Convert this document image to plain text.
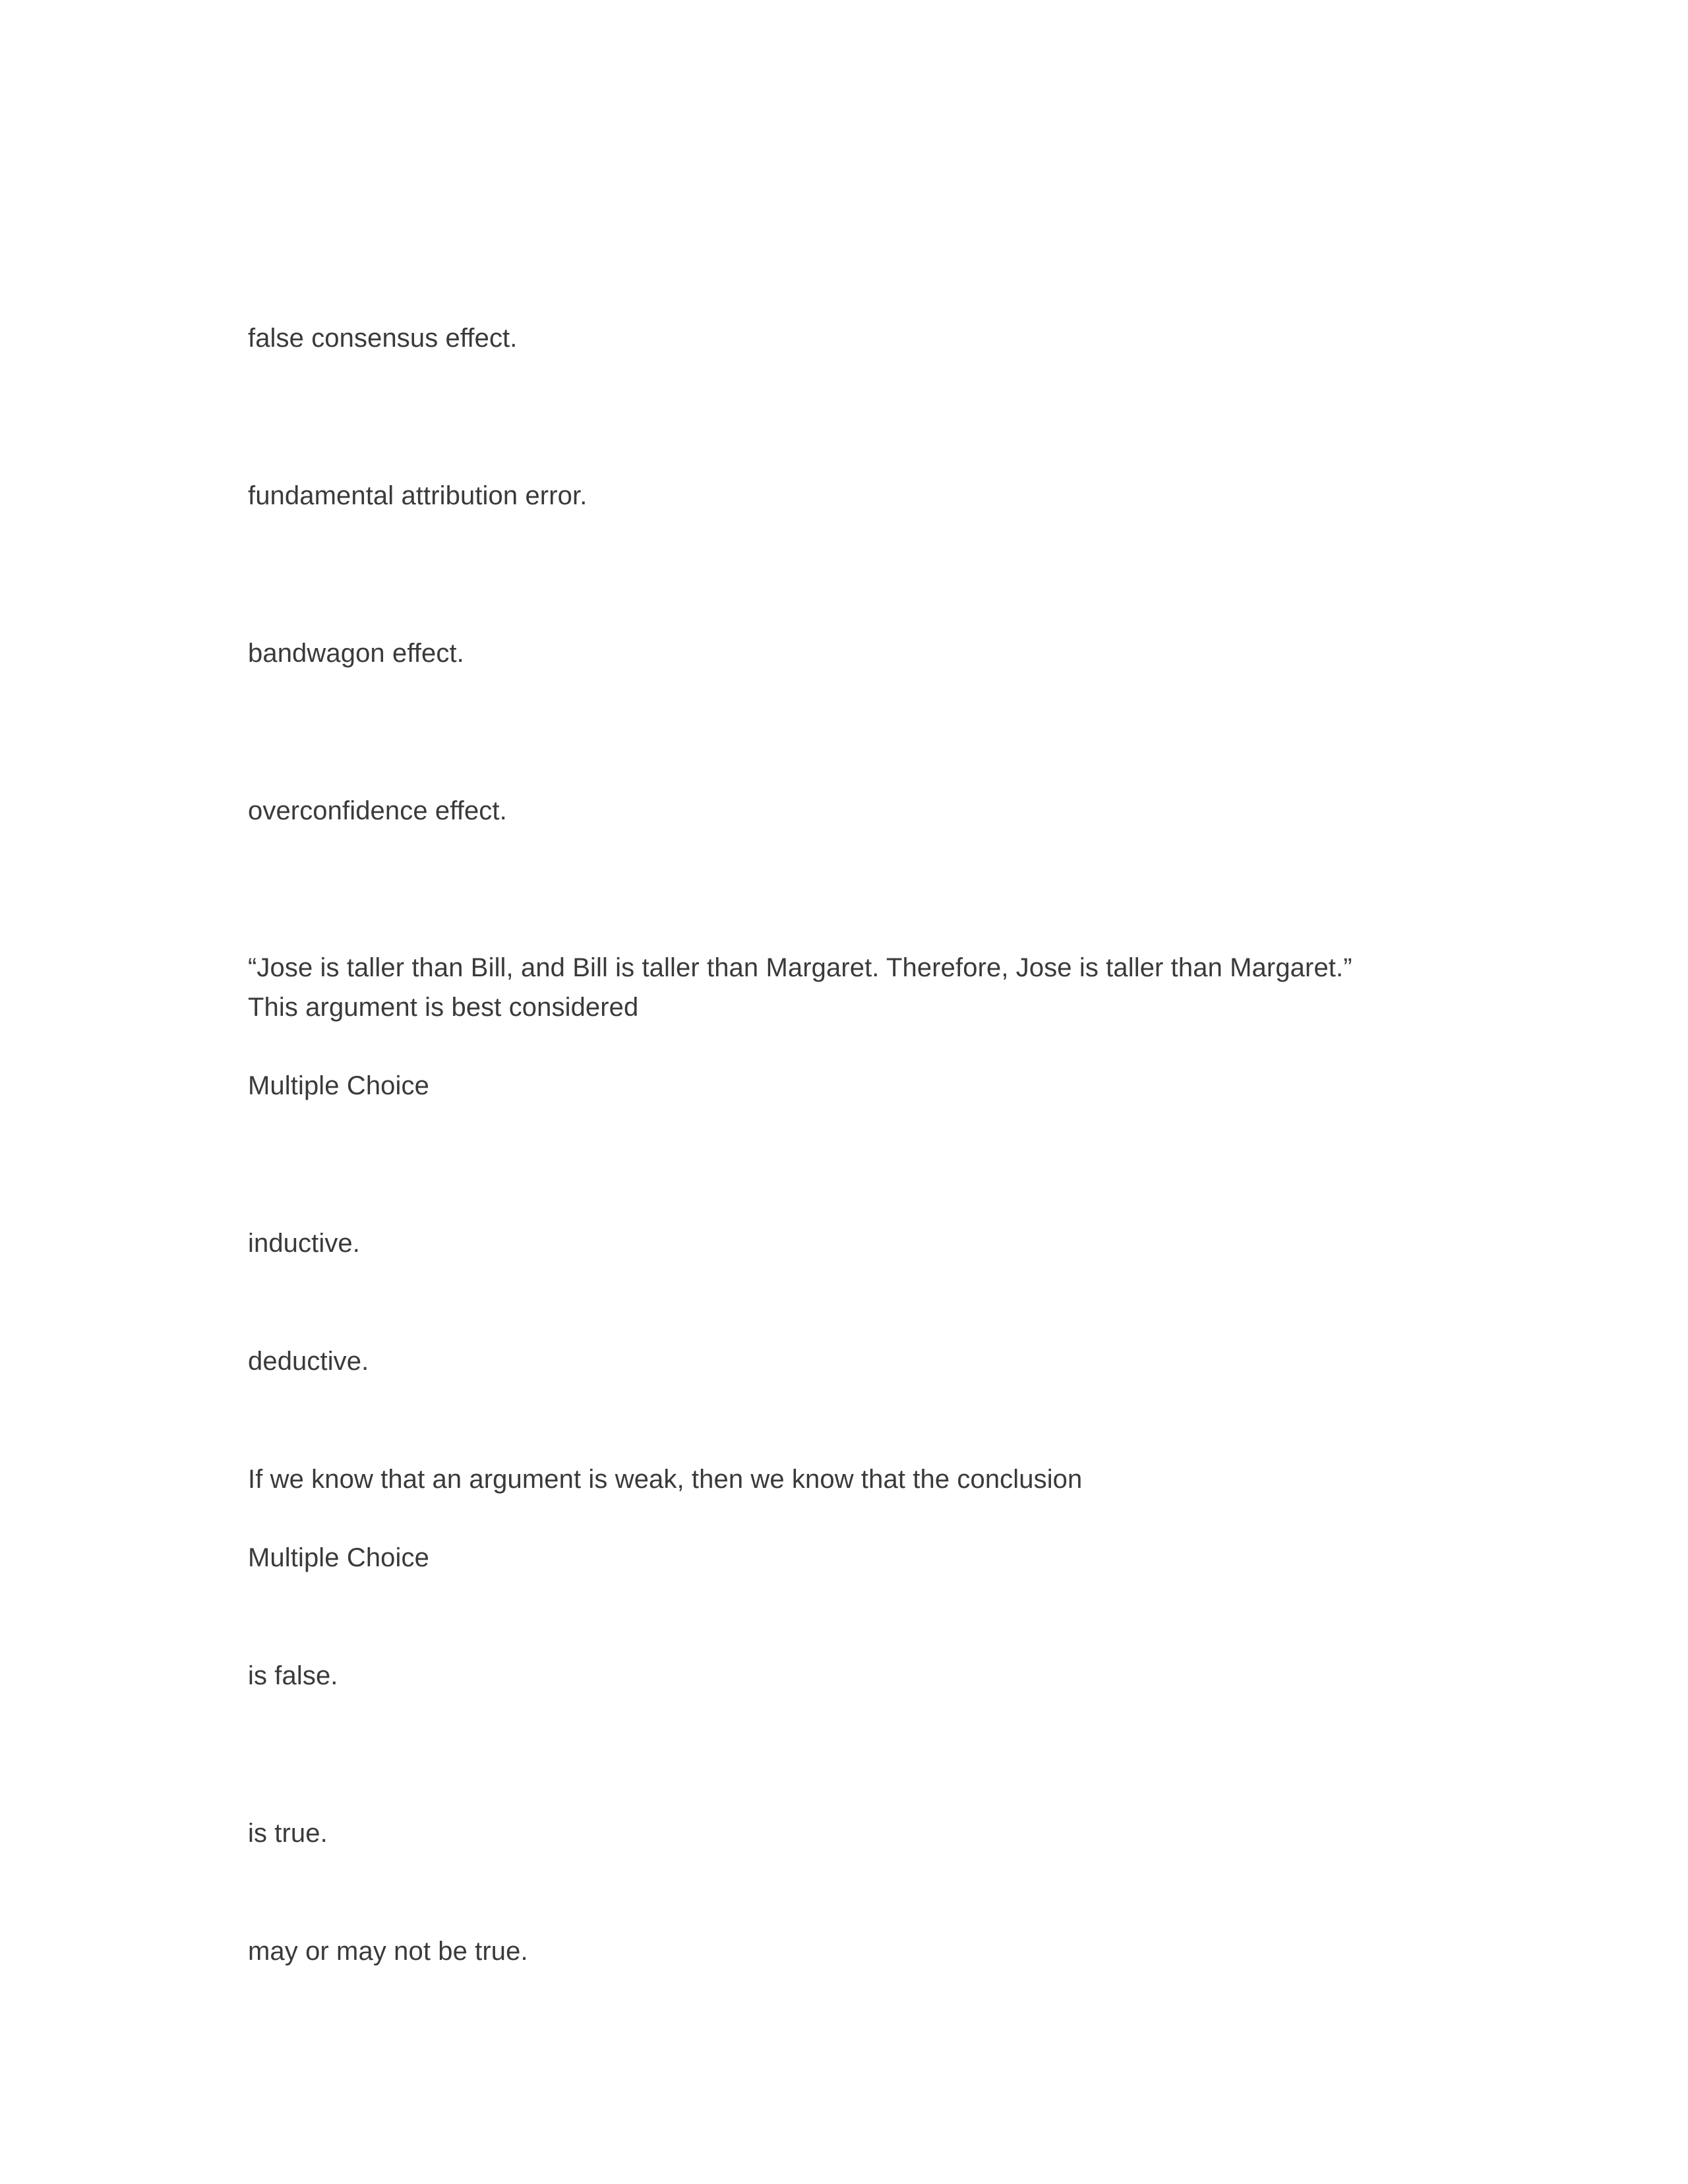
false consensus effect.

fundamental attribution error.

bandwagon effect.

overconfidence effect.

“Jose is taller than Bill, and Bill is taller than Margaret. Therefore, Jose is taller than Margaret.”

This argument is best considered

Multiple Choice

inductive.

deductive.

If we know that an argument is weak, then we know that the conclusion

Multiple Choice

is false.

is true.

may or may not be true.
